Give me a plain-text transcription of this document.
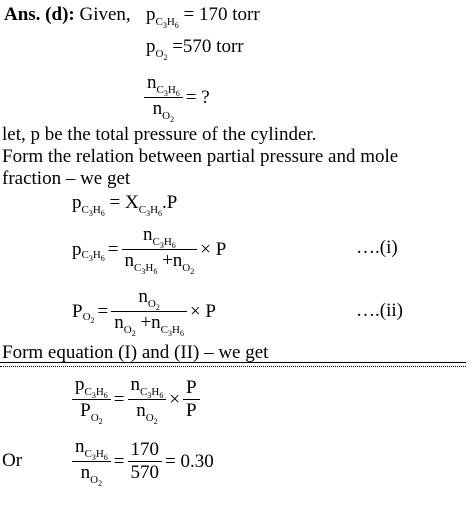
Ans. (d): Given, $p_{C_3H_6} = 170$ torr
$p_{O_2} =570$ torr
$\frac{n_{C_3H_6}}{n_{O_2}}$ = ?
let, p be the total pressure of the cylinder.
Form the relation between partial pressure and mole
fraction – we get
$p_{C_3H_6} = X_{C_3H_6}.P$
p $C_3H_6 = \frac{n_{C_3H_6}}{n_{C_3H_6} +n_{O_2}} \times P$	….(i)
P $O_2 = \frac{n_{O_2}}{n_{O_2} +n_{C_3H_6}} \times P$	….(ii)
Form equation (I) and (II) – we get
$\frac{p_{C_3H_6}}{P_{O_2}} = \frac{n_{C_3H_6}}{n_{O_2}} \times \frac{P}{P}$
Or	$\frac{n_{C_3H_6}}{n_{O_2}} = \frac{170}{570} = 0.30$
